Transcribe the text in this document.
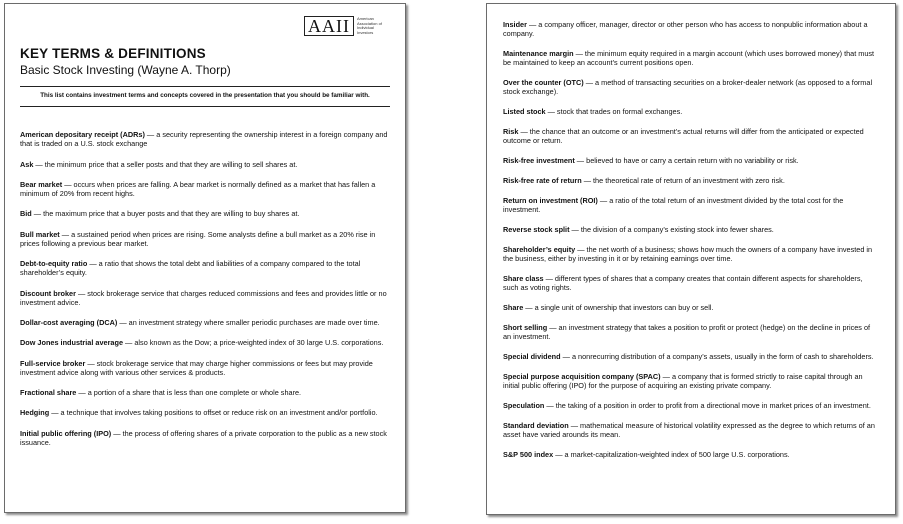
AAII	American Association of Individual Investors
KEY TERMS & DEFINITIONS
Basic Stock Investing (Wayne A. Thorp)
This list contains investment terms and concepts covered in the presentation that you should be familiar with.
American depositary receipt (ADRs) — a security representing the ownership interest in a foreign company and that is traded on a U.S. stock exchange
Ask — the minimum price that a seller posts and that they are willing to sell shares at.
Bear market — occurs when prices are falling. A bear market is normally defined as a market that has fallen a minimum of 20% from recent highs.
Bid — the maximum price that a buyer posts and that they are willing to buy shares at.
Bull market — a sustained period when prices are rising. Some analysts define a bull market as a 20% rise in prices following a previous bear market.
Debt-to-equity ratio — a ratio that shows the total debt and liabilities of a company compared to the total shareholder’s equity.
Discount broker — stock brokerage service that charges reduced commissions and fees and provides little or no investment advice.
Dollar-cost averaging (DCA) — an investment strategy where smaller periodic purchases are made over time.
Dow Jones industrial average — also known as the Dow; a price-weighted index of 30 large U.S. corporations.
Full-service broker — stock brokerage service that may charge higher commissions or fees but may provide investment advice along with various other services & products.
Fractional share — a portion of a share that is less than one complete or whole share.
Hedging — a technique that involves taking positions to offset or reduce risk on an investment and/or portfolio.
Initial public offering (IPO) — the process of offering shares of a private corporation to the public as a new stock issuance.
Insider — a company officer, manager, director or other person who has access to nonpublic information about a company.
Maintenance margin — the minimum equity required in a margin account (which uses borrowed money) that must be maintained to keep an account’s current positions open.
Over the counter (OTC) — a method of transacting securities on a broker-dealer network (as opposed to a formal stock exchange).
Listed stock — stock that trades on formal exchanges.
Risk — the chance that an outcome or an investment’s actual returns will differ from the anticipated or expected outcome or return.
Risk-free investment — believed to have or carry a certain return with no variability or risk.
Risk-free rate of return — the theoretical rate of return of an investment with zero risk.
Return on investment (ROI) — a ratio of the total return of an investment divided by the total cost for the investment.
Reverse stock split — the division of a company’s existing stock into fewer shares.
Shareholder’s equity — the net worth of a business; shows how much the owners of a company have invested in the business, either by investing in it or by retaining earnings over time.
Share class — different types of shares that a company creates that contain different aspects for shareholders, such as voting rights.
Share — a single unit of ownership that investors can buy or sell.
Short selling — an investment strategy that takes a position to profit or protect (hedge) on the decline in prices of an investment.
Special dividend — a nonrecurring distribution of a company’s assets, usually in the form of cash to shareholders.
Special purpose acquisition company (SPAC) — a company that is formed strictly to raise capital through an initial public offering (IPO) for the purpose of acquiring an existing private company.
Speculation — the taking of a position in order to profit from a directional move in market prices of an investment.
Standard deviation — mathematical measure of historical volatility expressed as the degree to which returns of an asset have varied arounds its mean.
S&P 500 index — a market-capitalization-weighted index of 500 large U.S. corporations.
